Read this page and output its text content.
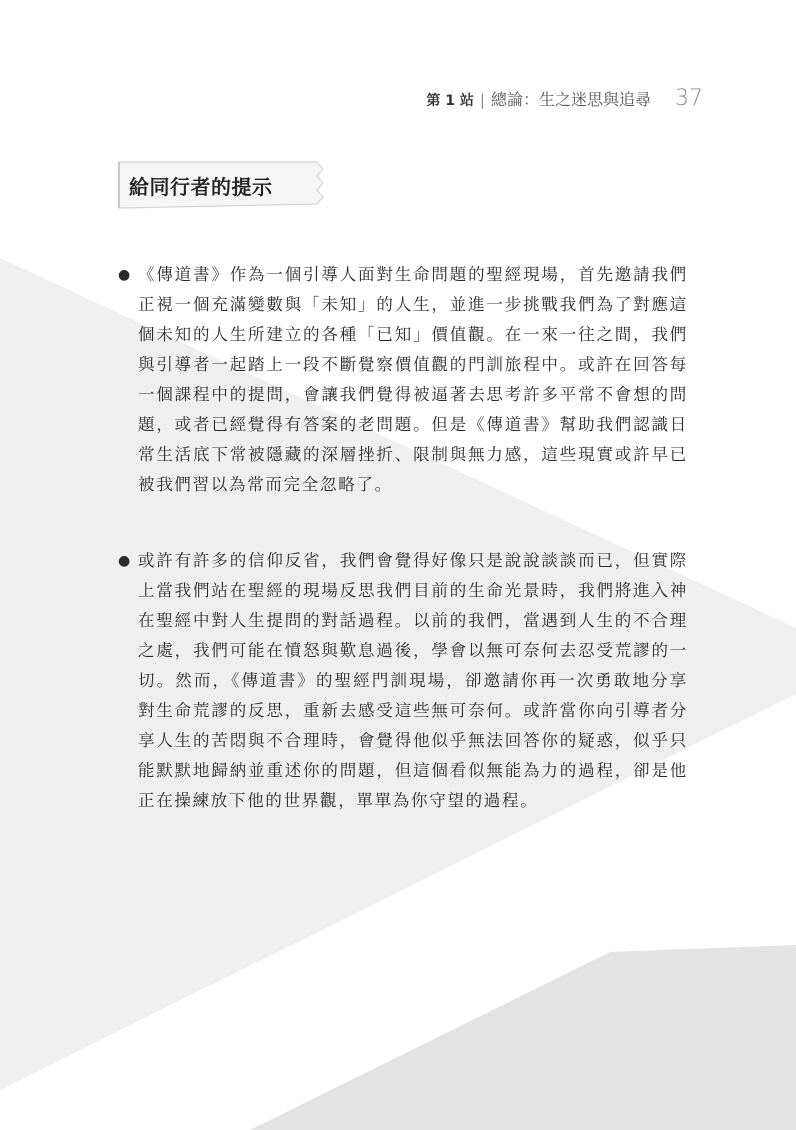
第 1 站 | 總論：生之迷思與追尋 37
給同行者的提示
● 《傳道書》作為一個引導人面對生命問題的聖經現場，首先邀請我們正視一個充滿變數與「未知」的人生，並進一步挑戰我們為了對應這個未知的人生所建立的各種「已知」價值觀。在一來一往之間，我們與引導者一起踏上一段不斷覺察價值觀的門訓旅程中。或許在回答每一個課程中的提問，會讓我們覺得被逼著去思考許多平常不會想的問題，或者已經覺得有答案的老問題。但是《傳道書》幫助我們認識日常生活底下常被隱藏的深層挫折、限制與無力感，這些現實或許早已被我們習以為常而完全忽略了。
● 或許有許多的信仰反省，我們會覺得好像只是說說談談而已，但實際上當我們站在聖經的現場反思我們目前的生命光景時，我們將進入神在聖經中對人生提問的對話過程。以前的我們，當遇到人生的不合理之處，我們可能在憤怒與歎息過後，學會以無可奈何去忍受荒謬的一切。然而，《傳道書》的聖經門訓現場，卻邀請你再一次勇敢地分享對生命荒謬的反思，重新去感受這些無可奈何。或許當你向引導者分享人生的苦悶與不合理時，會覺得他似乎無法回答你的疑惑，似乎只能默默地歸納並重述你的問題，但這個看似無能為力的過程，卻是他正在操練放下他的世界觀，單單為你守望的過程。
